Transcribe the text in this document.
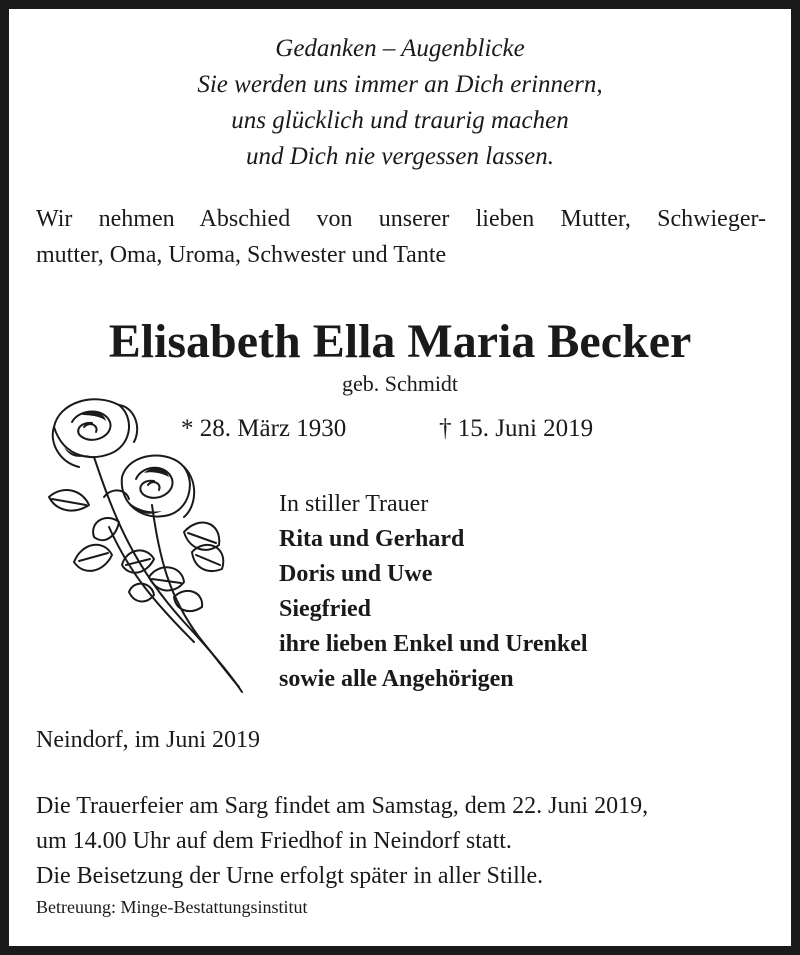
Gedanken – Augenblicke
Sie werden uns immer an Dich erinnern,
uns glücklich und traurig machen
und Dich nie vergessen lassen.
Wir nehmen Abschied von unserer lieben Mutter, Schwieger-
mutter, Oma, Uroma, Schwester und Tante
Elisabeth Ella Maria Becker
geb. Schmidt
* 28. März 1930	† 15. Juni 2019
In stiller Trauer
Rita und Gerhard
Doris und Uwe
Siegfried
ihre lieben Enkel und Urenkel
sowie alle Angehörigen
Neindorf, im Juni 2019
Die Trauerfeier am Sarg findet am Samstag, dem 22. Juni 2019,
um 14.00 Uhr auf dem Friedhof in Neindorf statt.
Die Beisetzung der Urne erfolgt später in aller Stille.
Betreuung: Minge-Bestattungsinstitut
